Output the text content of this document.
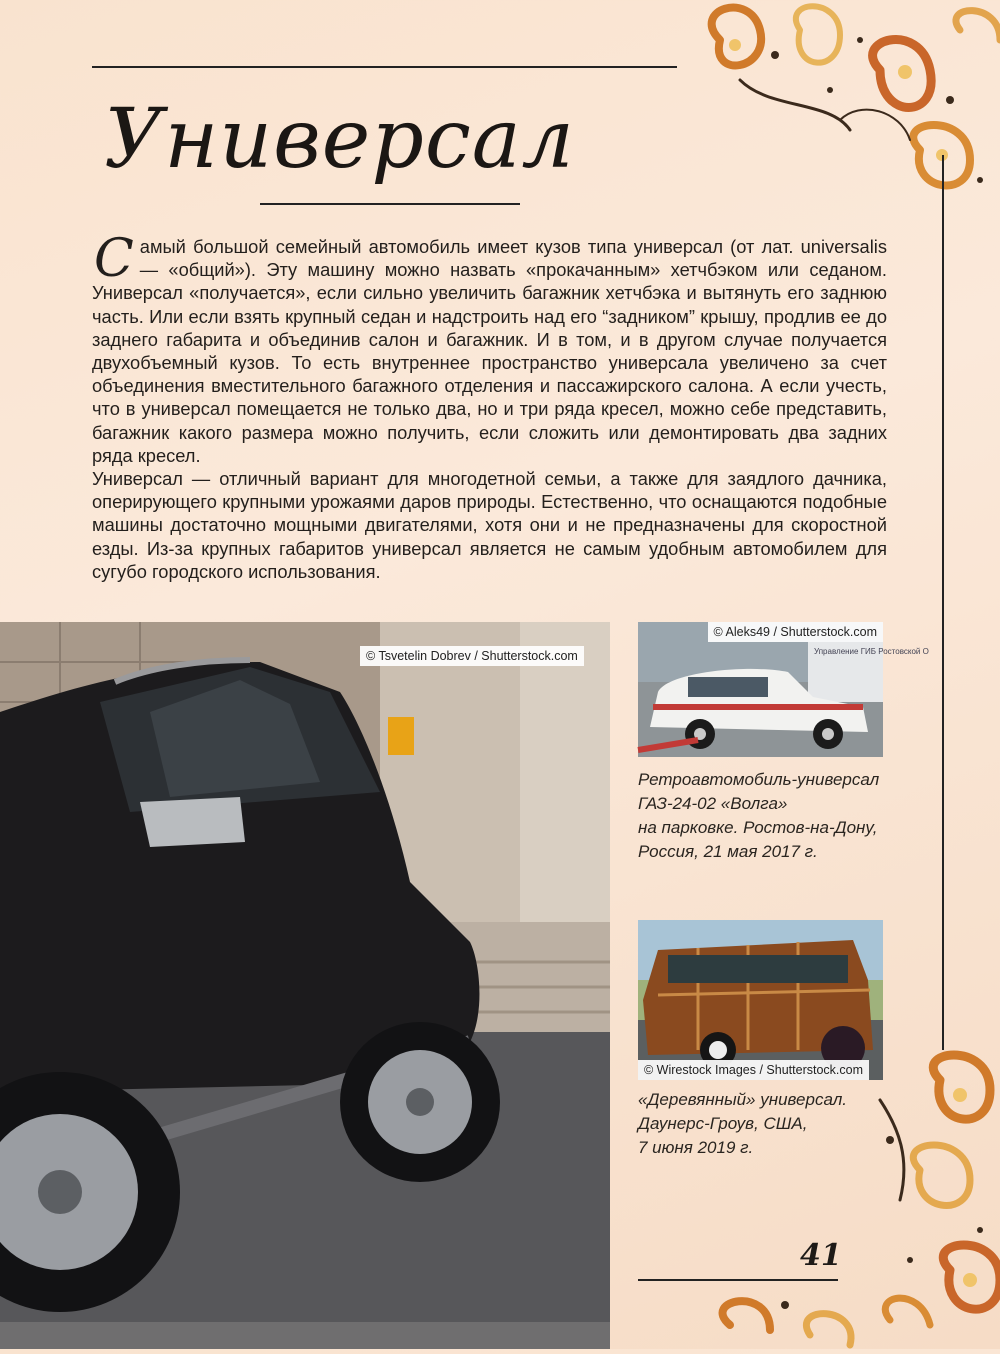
Универсал

Самый большой семейный автомобиль имеет кузов типа универсал (от лат. universalis — «общий»). Эту машину можно назвать «прокачанным» хетчбэком или седаном. Универсал «получается», если сильно увеличить багажник хетчбэка и вытянуть его заднюю часть. Или если взять крупный седан и надстроить над его “задником” крышу, продлив ее до заднего габарита и объединив салон и багажник. И в том, и в другом случае получается двухобъемный кузов. То есть внутреннее пространство универсала увеличено за счет объединения вместительного багажного отделения и пассажирского салона. А если учесть, что в универсал помещается не только два, но и три ряда кресел, можно себе представить, багажник какого размера можно получить, если сложить или демонтировать два задних ряда кресел.

Универсал — отличный вариант для многодетной семьи, а также для заядлого дачника, оперирующего крупными урожаями даров природы. Естественно, что оснащаются подобные машины достаточно мощными двигателями, хотя они и не предназначены для скоростной езды. Из-за крупных габаритов универсал является не самым удобным автомобилем для сугубо городского использования.

© Tsvetelin Dobrev / Shutterstock.com	Управление ГИБ Ростовской О
© Aleks49 / Shutterstock.com
Ретроавтомобиль-универсал
ГАЗ-24-02 «Волга»
на парковке. Ростов-на-Дону,
Россия, 21 мая 2017 г.
© Wirestock Images / Shutterstock.com
«Деревянный» универсал.
Даунерс-Гроув, США,
7 июня 2019 г.
41
